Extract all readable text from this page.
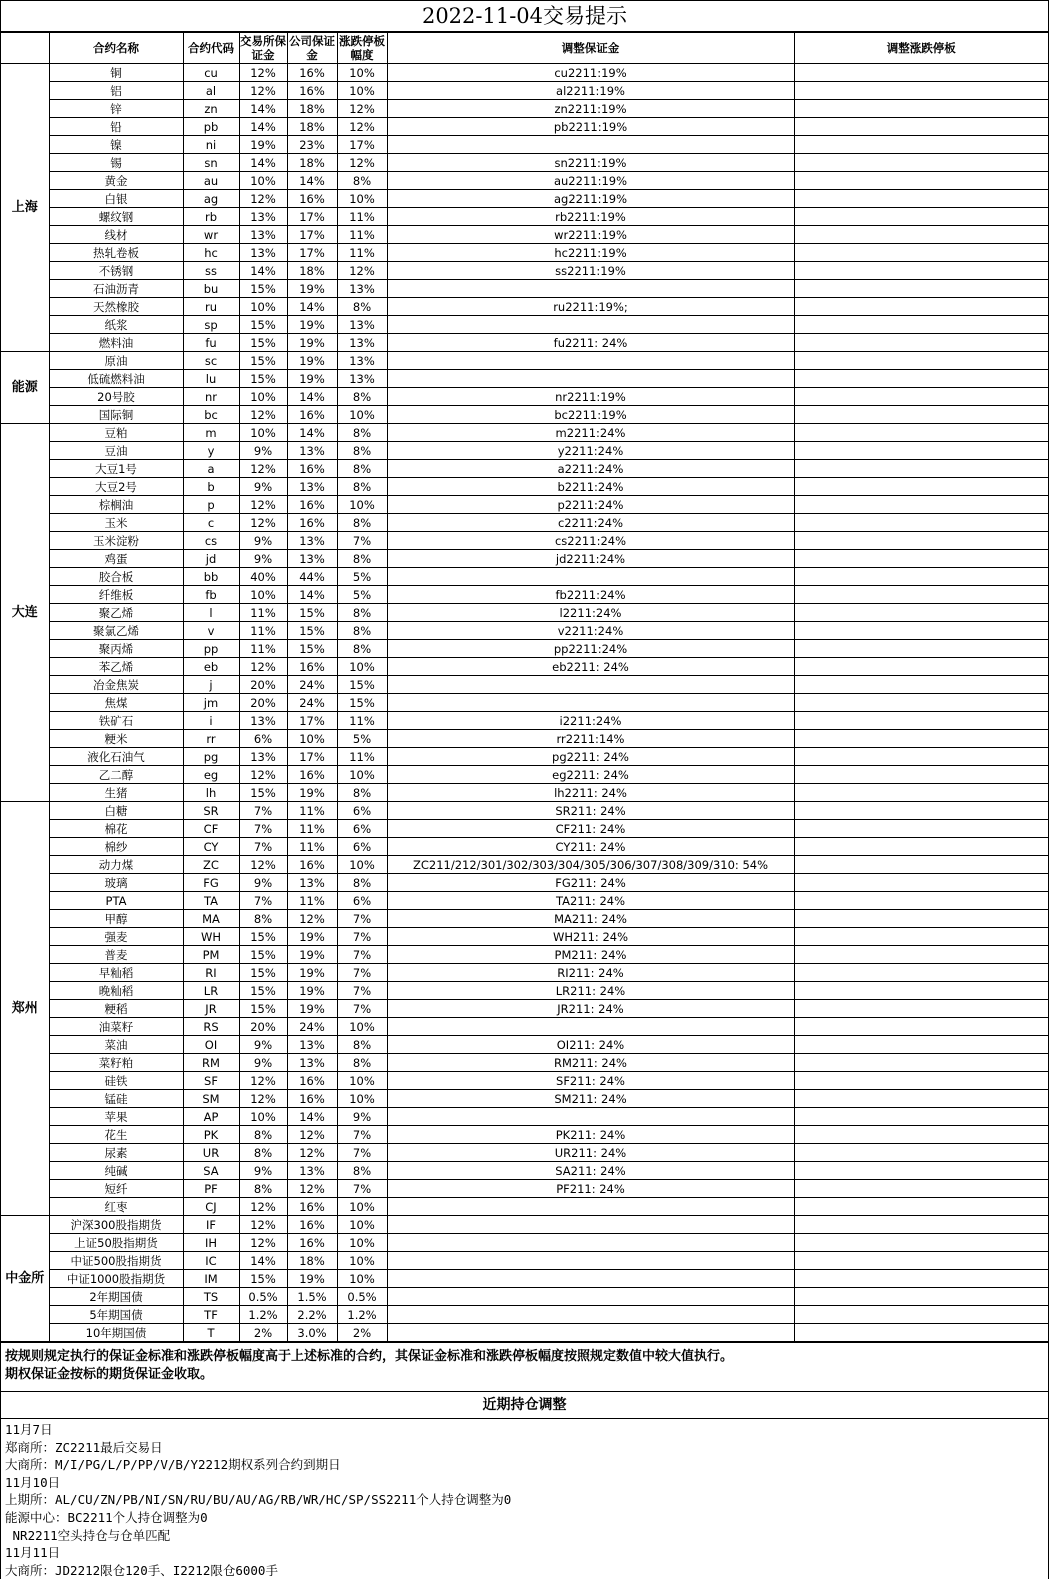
2022-11-04交易提示
	合约名称	合约代码	交易所保证金	公司保证金	涨跌停板幅度	调整保证金	调整涨跌停板
上海	铜	cu	12%	16%	10%	cu2211:19%	
	铝	al	12%	16%	10%	al2211:19%	
	锌	zn	14%	18%	12%	zn2211:19%	
	铅	pb	14%	18%	12%	pb2211:19%	
	镍	ni	19%	23%	17%		
	锡	sn	14%	18%	12%	sn2211:19%	
	黄金	au	10%	14%	8%	au2211:19%	
	白银	ag	12%	16%	10%	ag2211:19%	
	螺纹钢	rb	13%	17%	11%	rb2211:19%	
	线材	wr	13%	17%	11%	wr2211:19%	
	热轧卷板	hc	13%	17%	11%	hc2211:19%	
	不锈钢	ss	14%	18%	12%	ss2211:19%	
	石油沥青	bu	15%	19%	13%		
	天然橡胶	ru	10%	14%	8%	ru2211:19%;	
	纸浆	sp	15%	19%	13%		
	燃料油	fu	15%	19%	13%	fu2211: 24%	
能源	原油	sc	15%	19%	13%		
	低硫燃料油	lu	15%	19%	13%		
	20号胶	nr	10%	14%	8%	nr2211:19%	
	国际铜	bc	12%	16%	10%	bc2211:19%	
大连	豆粕	m	10%	14%	8%	m2211:24%	
	豆油	y	9%	13%	8%	y2211:24%	
	大豆1号	a	12%	16%	8%	a2211:24%	
	大豆2号	b	9%	13%	8%	b2211:24%	
	棕榈油	p	12%	16%	10%	p2211:24%	
	玉米	c	12%	16%	8%	c2211:24%	
	玉米淀粉	cs	9%	13%	7%	cs2211:24%	
	鸡蛋	jd	9%	13%	8%	jd2211:24%	
	胶合板	bb	40%	44%	5%		
	纤维板	fb	10%	14%	5%	fb2211:24%	
	聚乙烯	l	11%	15%	8%	l2211:24%	
	聚氯乙烯	v	11%	15%	8%	v2211:24%	
	聚丙烯	pp	11%	15%	8%	pp2211:24%	
	苯乙烯	eb	12%	16%	10%	eb2211: 24%	
	冶金焦炭	j	20%	24%	15%		
	焦煤	jm	20%	24%	15%		
	铁矿石	i	13%	17%	11%	i2211:24%	
	粳米	rr	6%	10%	5%	rr2211:14%	
	液化石油气	pg	13%	17%	11%	pg2211: 24%	
	乙二醇	eg	12%	16%	10%	eg2211: 24%	
	生猪	lh	15%	19%	8%	lh2211: 24%	
郑州	白糖	SR	7%	11%	6%	SR211: 24%	
	棉花	CF	7%	11%	6%	CF211: 24%	
	棉纱	CY	7%	11%	6%	CY211: 24%	
	动力煤	ZC	12%	16%	10%	ZC211/212/301/302/303/304/305/306/307/308/309/310: 54%	
	玻璃	FG	9%	13%	8%	FG211: 24%	
	PTA	TA	7%	11%	6%	TA211: 24%	
	甲醇	MA	8%	12%	7%	MA211: 24%	
	强麦	WH	15%	19%	7%	WH211: 24%	
	普麦	PM	15%	19%	7%	PM211: 24%	
	早籼稻	RI	15%	19%	7%	RI211: 24%	
	晚籼稻	LR	15%	19%	7%	LR211: 24%	
	粳稻	JR	15%	19%	7%	JR211: 24%	
	油菜籽	RS	20%	24%	10%		
	菜油	OI	9%	13%	8%	OI211: 24%	
	菜籽粕	RM	9%	13%	8%	RM211: 24%	
	硅铁	SF	12%	16%	10%	SF211: 24%	
	锰硅	SM	12%	16%	10%	SM211: 24%	
	苹果	AP	10%	14%	9%		
	花生	PK	8%	12%	7%	PK211: 24%	
	尿素	UR	8%	12%	7%	UR211: 24%	
	纯碱	SA	9%	13%	8%	SA211: 24%	
	短纤	PF	8%	12%	7%	PF211: 24%	
	红枣	CJ	12%	16%	10%		
中金所	沪深300股指期货	IF	12%	16%	10%		
	上证50股指期货	IH	12%	16%	10%		
	中证500股指期货	IC	14%	18%	10%		
	中证1000股指期货	IM	15%	19%	10%		
	2年期国债	TS	0.5%	1.5%	0.5%		
	5年期国债	TF	1.2%	2.2%	1.2%		
	10年期国债	T	2%	3.0%	2%		
按规则规定执行的保证金标准和涨跌停板幅度高于上述标准的合约，其保证金标准和涨跌停板幅度按照规定数值中较大值执行。
期权保证金按标的期货保证金收取。
近期持仓调整
11月7日
郑商所：ZC2211最后交易日
大商所：M/I/PG/L/P/PP/V/B/Y2212期权系列合约到期日
11月10日
上期所：AL/CU/ZN/PB/NI/SN/RU/BU/AU/AG/RB/WR/HC/SP/SS2211个人持仓调整为0
能源中心：BC2211个人持仓调整为0
NR2211空头持仓与仓单匹配
11月11日
大商所：JD2212限仓120手、I2212限仓6000手
